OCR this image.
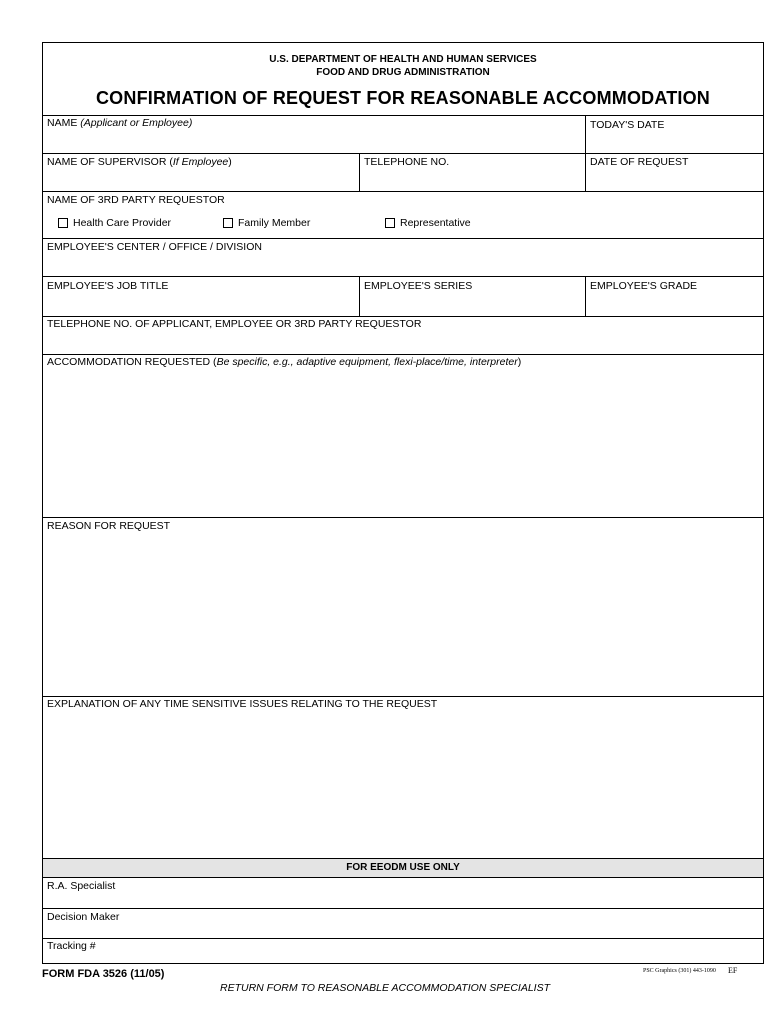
U.S. DEPARTMENT OF HEALTH AND HUMAN SERVICES
FOOD AND DRUG ADMINISTRATION
CONFIRMATION OF REQUEST FOR REASONABLE ACCOMMODATION
NAME (Applicant or Employee)	TODAY'S DATE
NAME OF SUPERVISOR (If Employee)	TELEPHONE NO.	DATE OF REQUEST
NAME OF 3RD PARTY REQUESTOR
Health Care Provider	Family Member	Representative
EMPLOYEE'S CENTER / OFFICE / DIVISION
EMPLOYEE'S JOB TITLE	EMPLOYEE'S SERIES	EMPLOYEE'S GRADE
TELEPHONE NO. OF APPLICANT, EMPLOYEE OR 3RD PARTY REQUESTOR
ACCOMMODATION REQUESTED (Be specific, e.g., adaptive equipment, flexi-place/time, interpreter)
REASON FOR REQUEST
EXPLANATION OF ANY TIME SENSITIVE ISSUES RELATING TO THE REQUEST
FOR EEODM USE ONLY
R.A. Specialist
Decision Maker
Tracking #
FORM FDA 3526 (11/05)	PSC Graphics (301) 443-1090 EF
RETURN FORM TO REASONABLE ACCOMMODATION SPECIALIST
